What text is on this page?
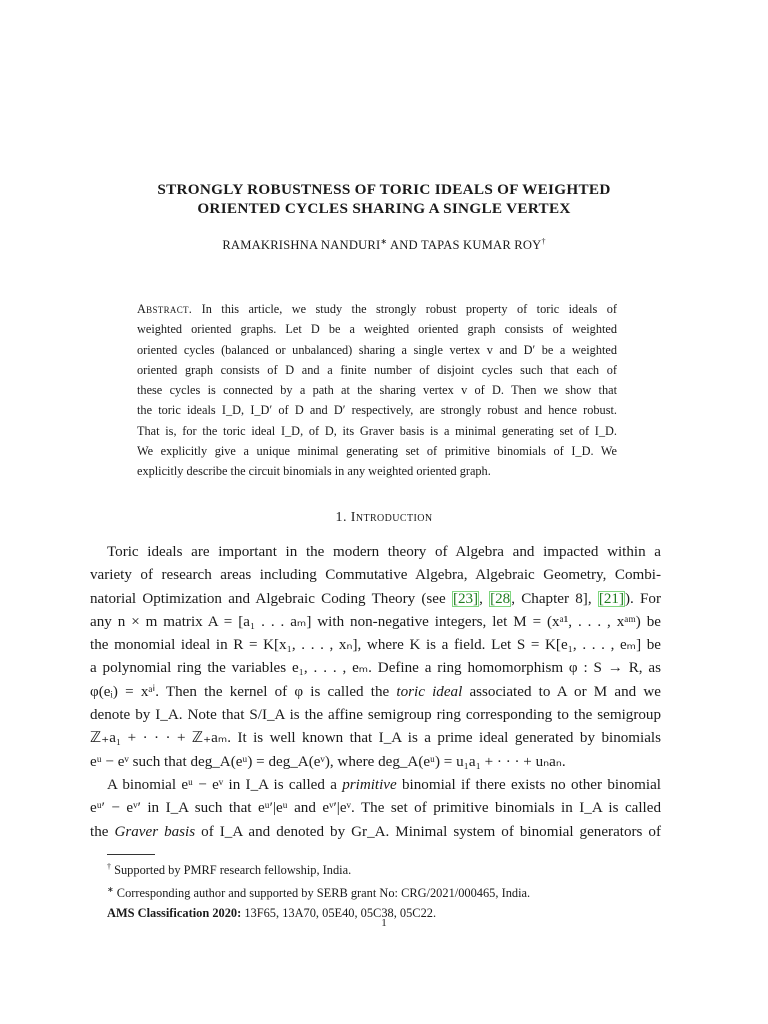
STRONGLY ROBUSTNESS OF TORIC IDEALS OF WEIGHTED
ORIENTED CYCLES SHARING A SINGLE VERTEX
RAMAKRISHNA NANDURI∗ AND TAPAS KUMAR ROY†
Abstract. In this article, we study the strongly robust property of toric ideals of
weighted oriented graphs. Let D be a weighted oriented graph consists of weighted
oriented cycles (balanced or unbalanced) sharing a single vertex v and D′ be a weighted
oriented graph consists of D and a finite number of disjoint cycles such that each of
these cycles is connected by a path at the sharing vertex v of D. Then we show that
the toric ideals I_D, I_D′ of D and D′ respectively, are strongly robust and hence robust.
That is, for the toric ideal I_D, of D, its Graver basis is a minimal generating set of I_D.
We explicitly give a unique minimal generating set of primitive binomials of I_D. We
explicitly describe the circuit binomials in any weighted oriented graph.
1. Introduction
Toric ideals are important in the modern theory of Algebra and impacted within a
variety of research areas including Commutative Algebra, Algebraic Geometry, Combi-
natorial Optimization and Algebraic Coding Theory (see [23], [28, Chapter 8], [21]). For
any n × m matrix A = [a₁ . . . aₘ] with non-negative integers, let M = (xᵃ¹, . . . , xᵃᵐ) be
the monomial ideal in R = K[x₁, . . . , xₙ], where K is a field. Let S = K[e₁, . . . , eₘ] be
a polynomial ring the variables e₁, . . . , eₘ. Define a ring homomorphism φ : S → R, as
φ(eᵢ) = xᵃⁱ. Then the kernel of φ is called the toric ideal associated to A or M and we
denote by I_A. Note that S/I_A is the affine semigroup ring corresponding to the semigroup
ℤ₊a₁ + · · · + ℤ₊aₘ. It is well known that I_A is a prime ideal generated by binomials
eᵘ − eᵛ such that deg_A(eᵘ) = deg_A(eᵛ), where deg_A(eᵘ) = u₁a₁ + · · · + uₙaₙ.
A binomial eᵘ − eᵛ in I_A is called a primitive binomial if there exists no other binomial
eᵘ′ − eᵛ′ in I_A such that eᵘ′|eᵘ and eᵛ′|eᵛ. The set of primitive binomials in I_A is called
the Graver basis of I_A and denoted by Gr_A. Minimal system of binomial generators of
† Supported by PMRF research fellowship, India.
∗ Corresponding author and supported by SERB grant No: CRG/2021/000465, India.
AMS Classification 2020: 13F65, 13A70, 05E40, 05C38, 05C22.
1
